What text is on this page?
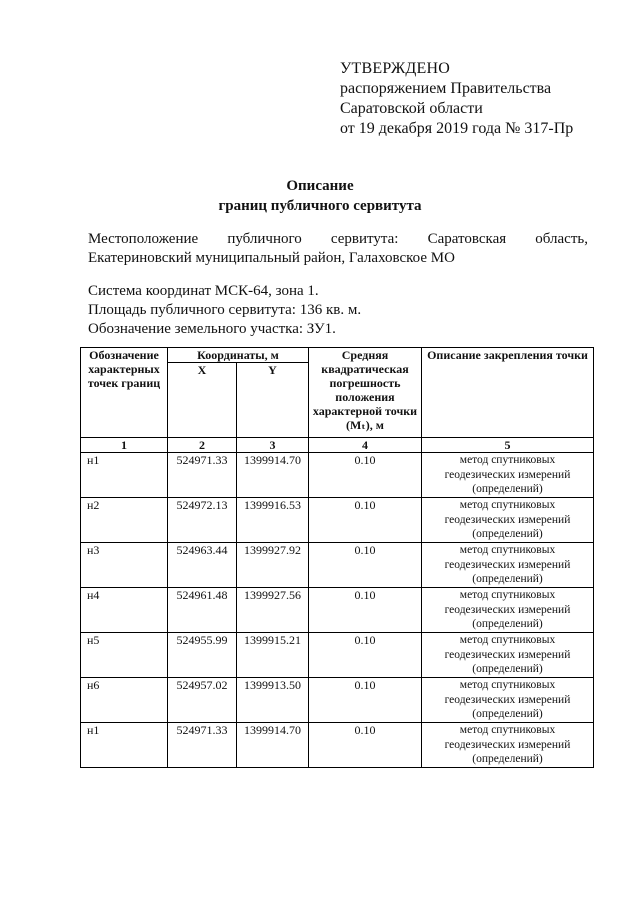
УТВЕРЖДЕНО
распоряжением Правительства
Саратовской области
от 19 декабря 2019 года № 317-Пр
Описание
границ публичного сервитута
Местоположение публичного сервитута: Саратовская область,
Екатериновский муниципальный район, Галаховское МО
Система координат МСК-64, зона 1.
Площадь публичного сервитута: 136 кв. м.
Обозначение земельного участка: ЗУ1.
Обозначение характерных точек границ	Координаты, м		Средняя квадратическая погрешность положения характерной точки (Mₜ), м	Описание закрепления точки
	X	Y		
1	2	3	4	5
н1	524971.33	1399914.70	0.10	метод спутниковых геодезических измерений (определений)
н2	524972.13	1399916.53	0.10	метод спутниковых геодезических измерений (определений)
н3	524963.44	1399927.92	0.10	метод спутниковых геодезических измерений (определений)
н4	524961.48	1399927.56	0.10	метод спутниковых геодезических измерений (определений)
н5	524955.99	1399915.21	0.10	метод спутниковых геодезических измерений (определений)
н6	524957.02	1399913.50	0.10	метод спутниковых геодезических измерений (определений)
н1	524971.33	1399914.70	0.10	метод спутниковых геодезических измерений (определений)
